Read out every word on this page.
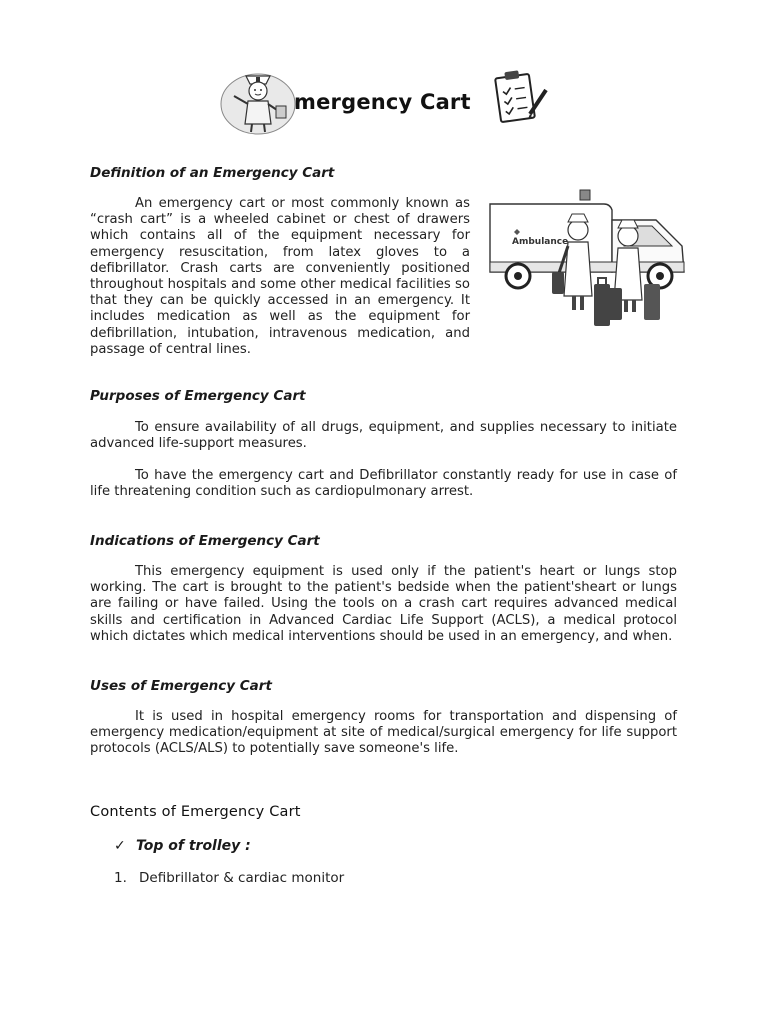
mergency Cart
Definition of an Emergency Cart

An emergency cart or most commonly known as “crash cart” is a wheeled cabinet or chest of drawers which contains all of the equipment necessary for emergency resuscitation, from latex gloves to a defibrillator. Crash carts are conveniently positioned throughout hospitals and some other medical facilities so that they can be quickly accessed in an emergency. It includes medication as well as the equipment for defibrillation, intubation, intravenous medication, and passage of central lines.

Ambulance
Purposes of Emergency Cart

To ensure availability of all drugs, equipment, and supplies necessary to initiate advanced life-support measures.

To have the emergency cart and Defibrillator constantly ready for use in case of life threatening condition such as cardiopulmonary arrest.

Indications of Emergency Cart

This emergency equipment is used only if the patient's heart or lungs stop working. The cart is brought to the patient's bedside when the patient'sheart or lungs are failing or have failed. Using the tools on a crash cart requires advanced medical skills and certification in Advanced Cardiac Life Support (ACLS), a medical protocol which dictates which medical interventions should be used in an emergency, and when.

Uses of Emergency Cart

It is used in hospital emergency rooms for transportation and dispensing of emergency medication/equipment at site of medical/surgical emergency for life support protocols (ACLS/ALS) to potentially save someone's life.

Contents of Emergency Cart
✓ Top of trolley :
1. Defibrillator & cardiac monitor
